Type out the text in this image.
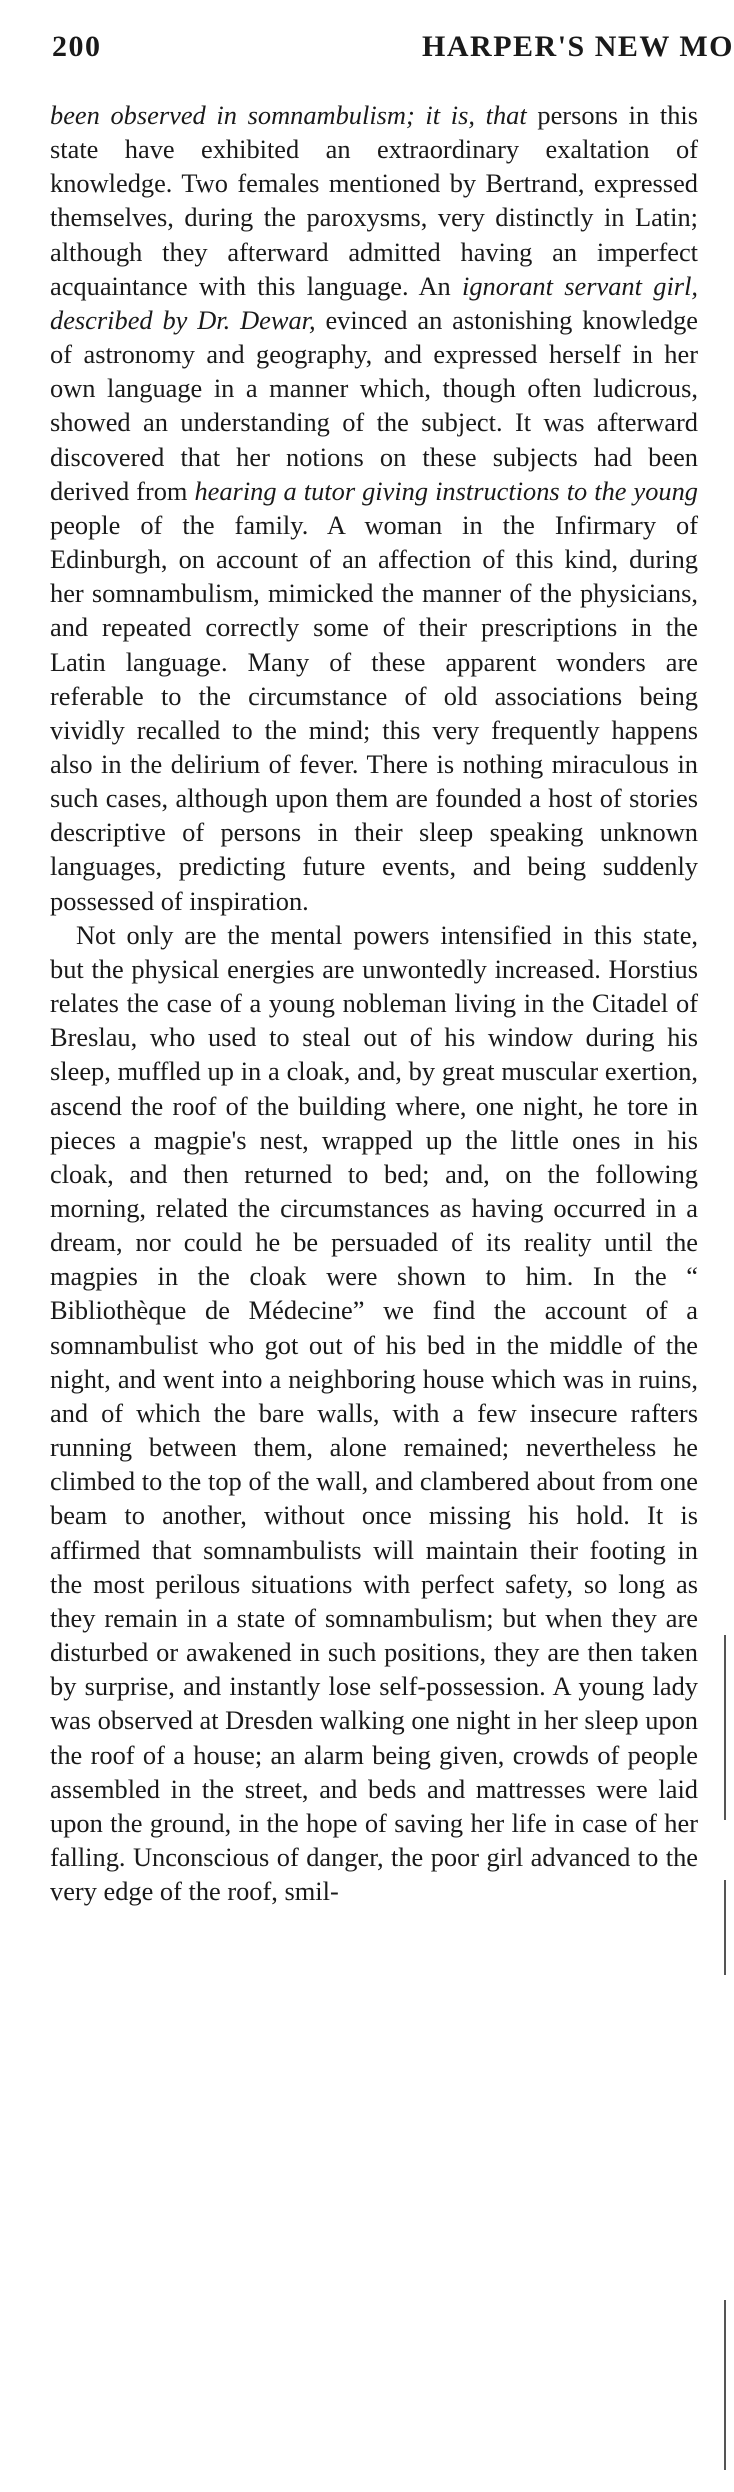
200	HARPER'S NEW MO

been observed in somnambulism; it is, that persons in this state have exhibited an extraordinary exaltation of knowledge. Two females mentioned by Bertrand, expressed themselves, during the paroxysms, very distinctly in Latin; although they afterward admitted having an imperfect acquaintance with this language. An ignorant servant girl, described by Dr. Dewar, evinced an astonishing knowledge of astronomy and geography, and expressed herself in her own language in a manner which, though often ludicrous, showed an understanding of the subject. It was afterward discovered that her notions on these subjects had been derived from hearing a tutor giving instructions to the young people of the family. A woman in the Infirmary of Edinburgh, on account of an affection of this kind, during her somnambulism, mimicked the manner of the physicians, and repeated correctly some of their prescriptions in the Latin language. Many of these apparent wonders are referable to the circumstance of old associations being vividly recalled to the mind; this very frequently happens also in the delirium of fever. There is nothing miraculous in such cases, although upon them are founded a host of stories descriptive of persons in their sleep speaking unknown languages, predicting future events, and being suddenly possessed of inspiration.

Not only are the mental powers intensified in this state, but the physical energies are unwontedly increased. Horstius relates the case of a young nobleman living in the Citadel of Breslau, who used to steal out of his window during his sleep, muffled up in a cloak, and, by great muscular exertion, ascend the roof of the building where, one night, he tore in pieces a magpie's nest, wrapped up the little ones in his cloak, and then returned to bed; and, on the following morning, related the circumstances as having occurred in a dream, nor could he be persuaded of its reality until the magpies in the cloak were shown to him. In the “ Bibliothèque de Médecine” we find the account of a somnambulist who got out of his bed in the middle of the night, and went into a neighboring house which was in ruins, and of which the bare walls, with a few insecure rafters running between them, alone remained; nevertheless he climbed to the top of the wall, and clambered about from one beam to another, without once missing his hold. It is affirmed that somnambulists will maintain their footing in the most perilous situations with perfect safety, so long as they remain in a state of somnambulism; but when they are disturbed or awakened in such positions, they are then taken by surprise, and instantly lose self-possession. A young lady was observed at Dresden walking one night in her sleep upon the roof of a house; an alarm being given, crowds of people assembled in the street, and beds and mattresses were laid upon the ground, in the hope of saving her life in case of her falling. Unconscious of danger, the poor girl advanced to the very edge of the roof, smil-
